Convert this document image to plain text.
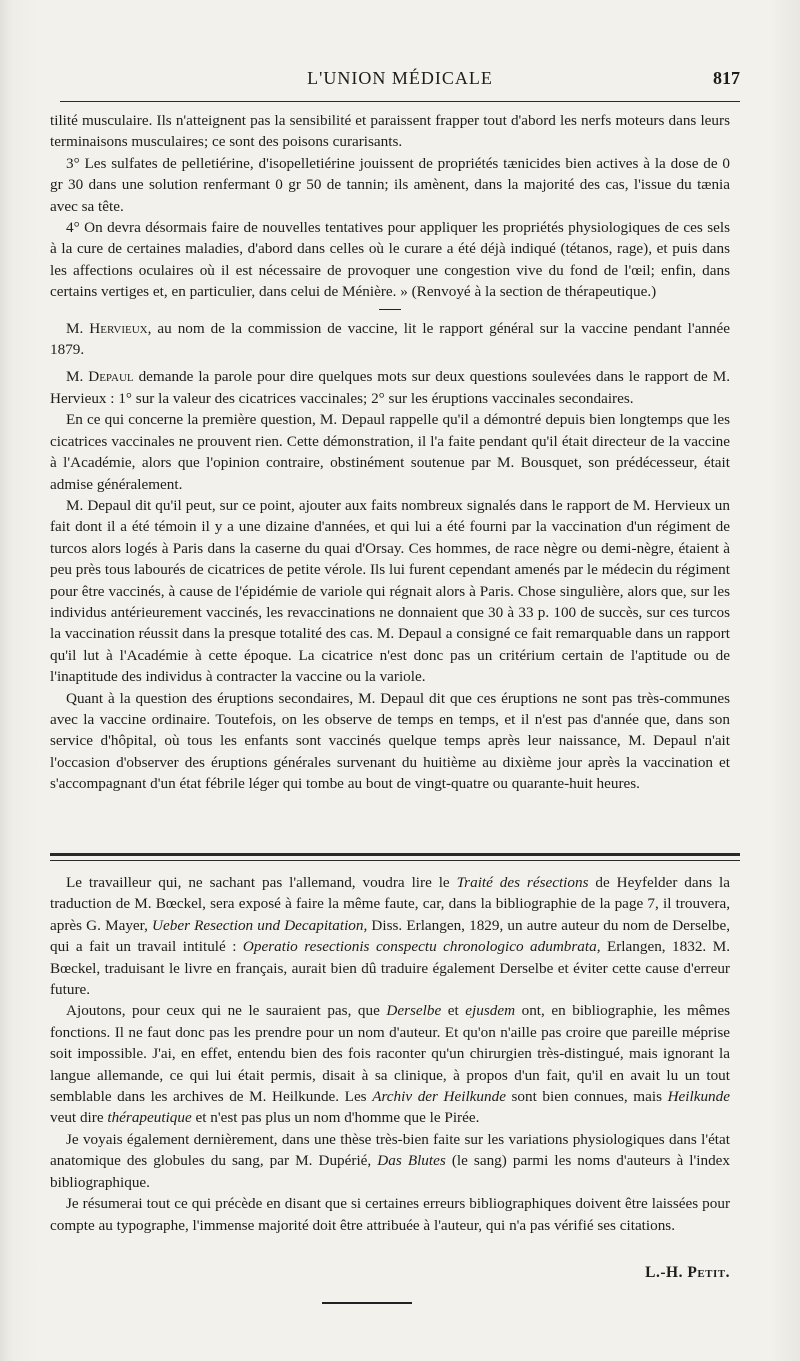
L'UNION MÉDICALE	817

tilité musculaire. Ils n'atteignent pas la sensibilité et paraissent frapper tout d'abord les nerfs moteurs dans leurs terminaisons musculaires; ce sont des poisons curarisants.

3° Les sulfates de pelletiérine, d'isopelletiérine jouissent de propriétés tænicides bien actives à la dose de 0 gr 30 dans une solution renfermant 0 gr 50 de tannin; ils amènent, dans la majorité des cas, l'issue du tænia avec sa tête.

4° On devra désormais faire de nouvelles tentatives pour appliquer les propriétés physiologiques de ces sels à la cure de certaines maladies, d'abord dans celles où le curare a été déjà indiqué (tétanos, rage), et puis dans les affections oculaires où il est nécessaire de provoquer une congestion vive du fond de l'œil; enfin, dans certains vertiges et, en particulier, dans celui de Ménière. » (Renvoyé à la section de thérapeutique.)

M. Hervieux, au nom de la commission de vaccine, lit le rapport général sur la vaccine pendant l'année 1879.

M. Depaul demande la parole pour dire quelques mots sur deux questions soulevées dans le rapport de M. Hervieux : 1° sur la valeur des cicatrices vaccinales; 2° sur les éruptions vaccinales secondaires.

En ce qui concerne la première question, M. Depaul rappelle qu'il a démontré depuis bien longtemps que les cicatrices vaccinales ne prouvent rien. Cette démonstration, il l'a faite pendant qu'il était directeur de la vaccine à l'Académie, alors que l'opinion contraire, obstinément soutenue par M. Bousquet, son prédécesseur, était admise généralement.

M. Depaul dit qu'il peut, sur ce point, ajouter aux faits nombreux signalés dans le rapport de M. Hervieux un fait dont il a été témoin il y a une dizaine d'années, et qui lui a été fourni par la vaccination d'un régiment de turcos alors logés à Paris dans la caserne du quai d'Orsay. Ces hommes, de race nègre ou demi-nègre, étaient à peu près tous labourés de cicatrices de petite vérole. Ils lui furent cependant amenés par le médecin du régiment pour être vaccinés, à cause de l'épidémie de variole qui régnait alors à Paris. Chose singulière, alors que, sur les individus antérieurement vaccinés, les revaccinations ne donnaient que 30 à 33 p. 100 de succès, sur ces turcos la vaccination réussit dans la presque totalité des cas. M. Depaul a consigné ce fait remarquable dans un rapport qu'il lut à l'Académie à cette époque. La cicatrice n'est donc pas un critérium certain de l'aptitude ou de l'inaptitude des individus à contracter la vaccine ou la variole.

Quant à la question des éruptions secondaires, M. Depaul dit que ces éruptions ne sont pas très-communes avec la vaccine ordinaire. Toutefois, on les observe de temps en temps, et il n'est pas d'année que, dans son service d'hôpital, où tous les enfants sont vaccinés quelque temps après leur naissance, M. Depaul n'ait l'occasion d'observer des éruptions générales survenant du huitième au dixième jour après la vaccination et s'accompagnant d'un état fébrile léger qui tombe au bout de vingt-quatre ou quarante-huit heures.

Le travailleur qui, ne sachant pas l'allemand, voudra lire le Traité des résections de Heyfelder dans la traduction de M. Bœckel, sera exposé à faire la même faute, car, dans la bibliographie de la page 7, il trouvera, après G. Mayer, Ueber Resection und Decapitation, Diss. Erlangen, 1829, un autre auteur du nom de Derselbe, qui a fait un travail intitulé : Operatio resectionis conspectu chronologico adumbrata, Erlangen, 1832. M. Bœckel, traduisant le livre en français, aurait bien dû traduire également Derselbe et éviter cette cause d'erreur future.

Ajoutons, pour ceux qui ne le sauraient pas, que Derselbe et ejusdem ont, en bibliographie, les mêmes fonctions. Il ne faut donc pas les prendre pour un nom d'auteur. Et qu'on n'aille pas croire que pareille méprise soit impossible. J'ai, en effet, entendu bien des fois raconter qu'un chirurgien très-distingué, mais ignorant la langue allemande, ce qui lui était permis, disait à sa clinique, à propos d'un fait, qu'il en avait lu un tout semblable dans les archives de M. Heilkunde. Les Archiv der Heilkunde sont bien connues, mais Heilkunde veut dire thérapeutique et n'est pas plus un nom d'homme que le Pirée.

Je voyais également dernièrement, dans une thèse très-bien faite sur les variations physiologiques dans l'état anatomique des globules du sang, par M. Dupérié, Das Blutes (le sang) parmi les noms d'auteurs à l'index bibliographique.

Je résumerai tout ce qui précède en disant que si certaines erreurs bibliographiques doivent être laissées pour compte au typographe, l'immense majorité doit être attribuée à l'auteur, qui n'a pas vérifié ses citations.

L.-H. Petit.
